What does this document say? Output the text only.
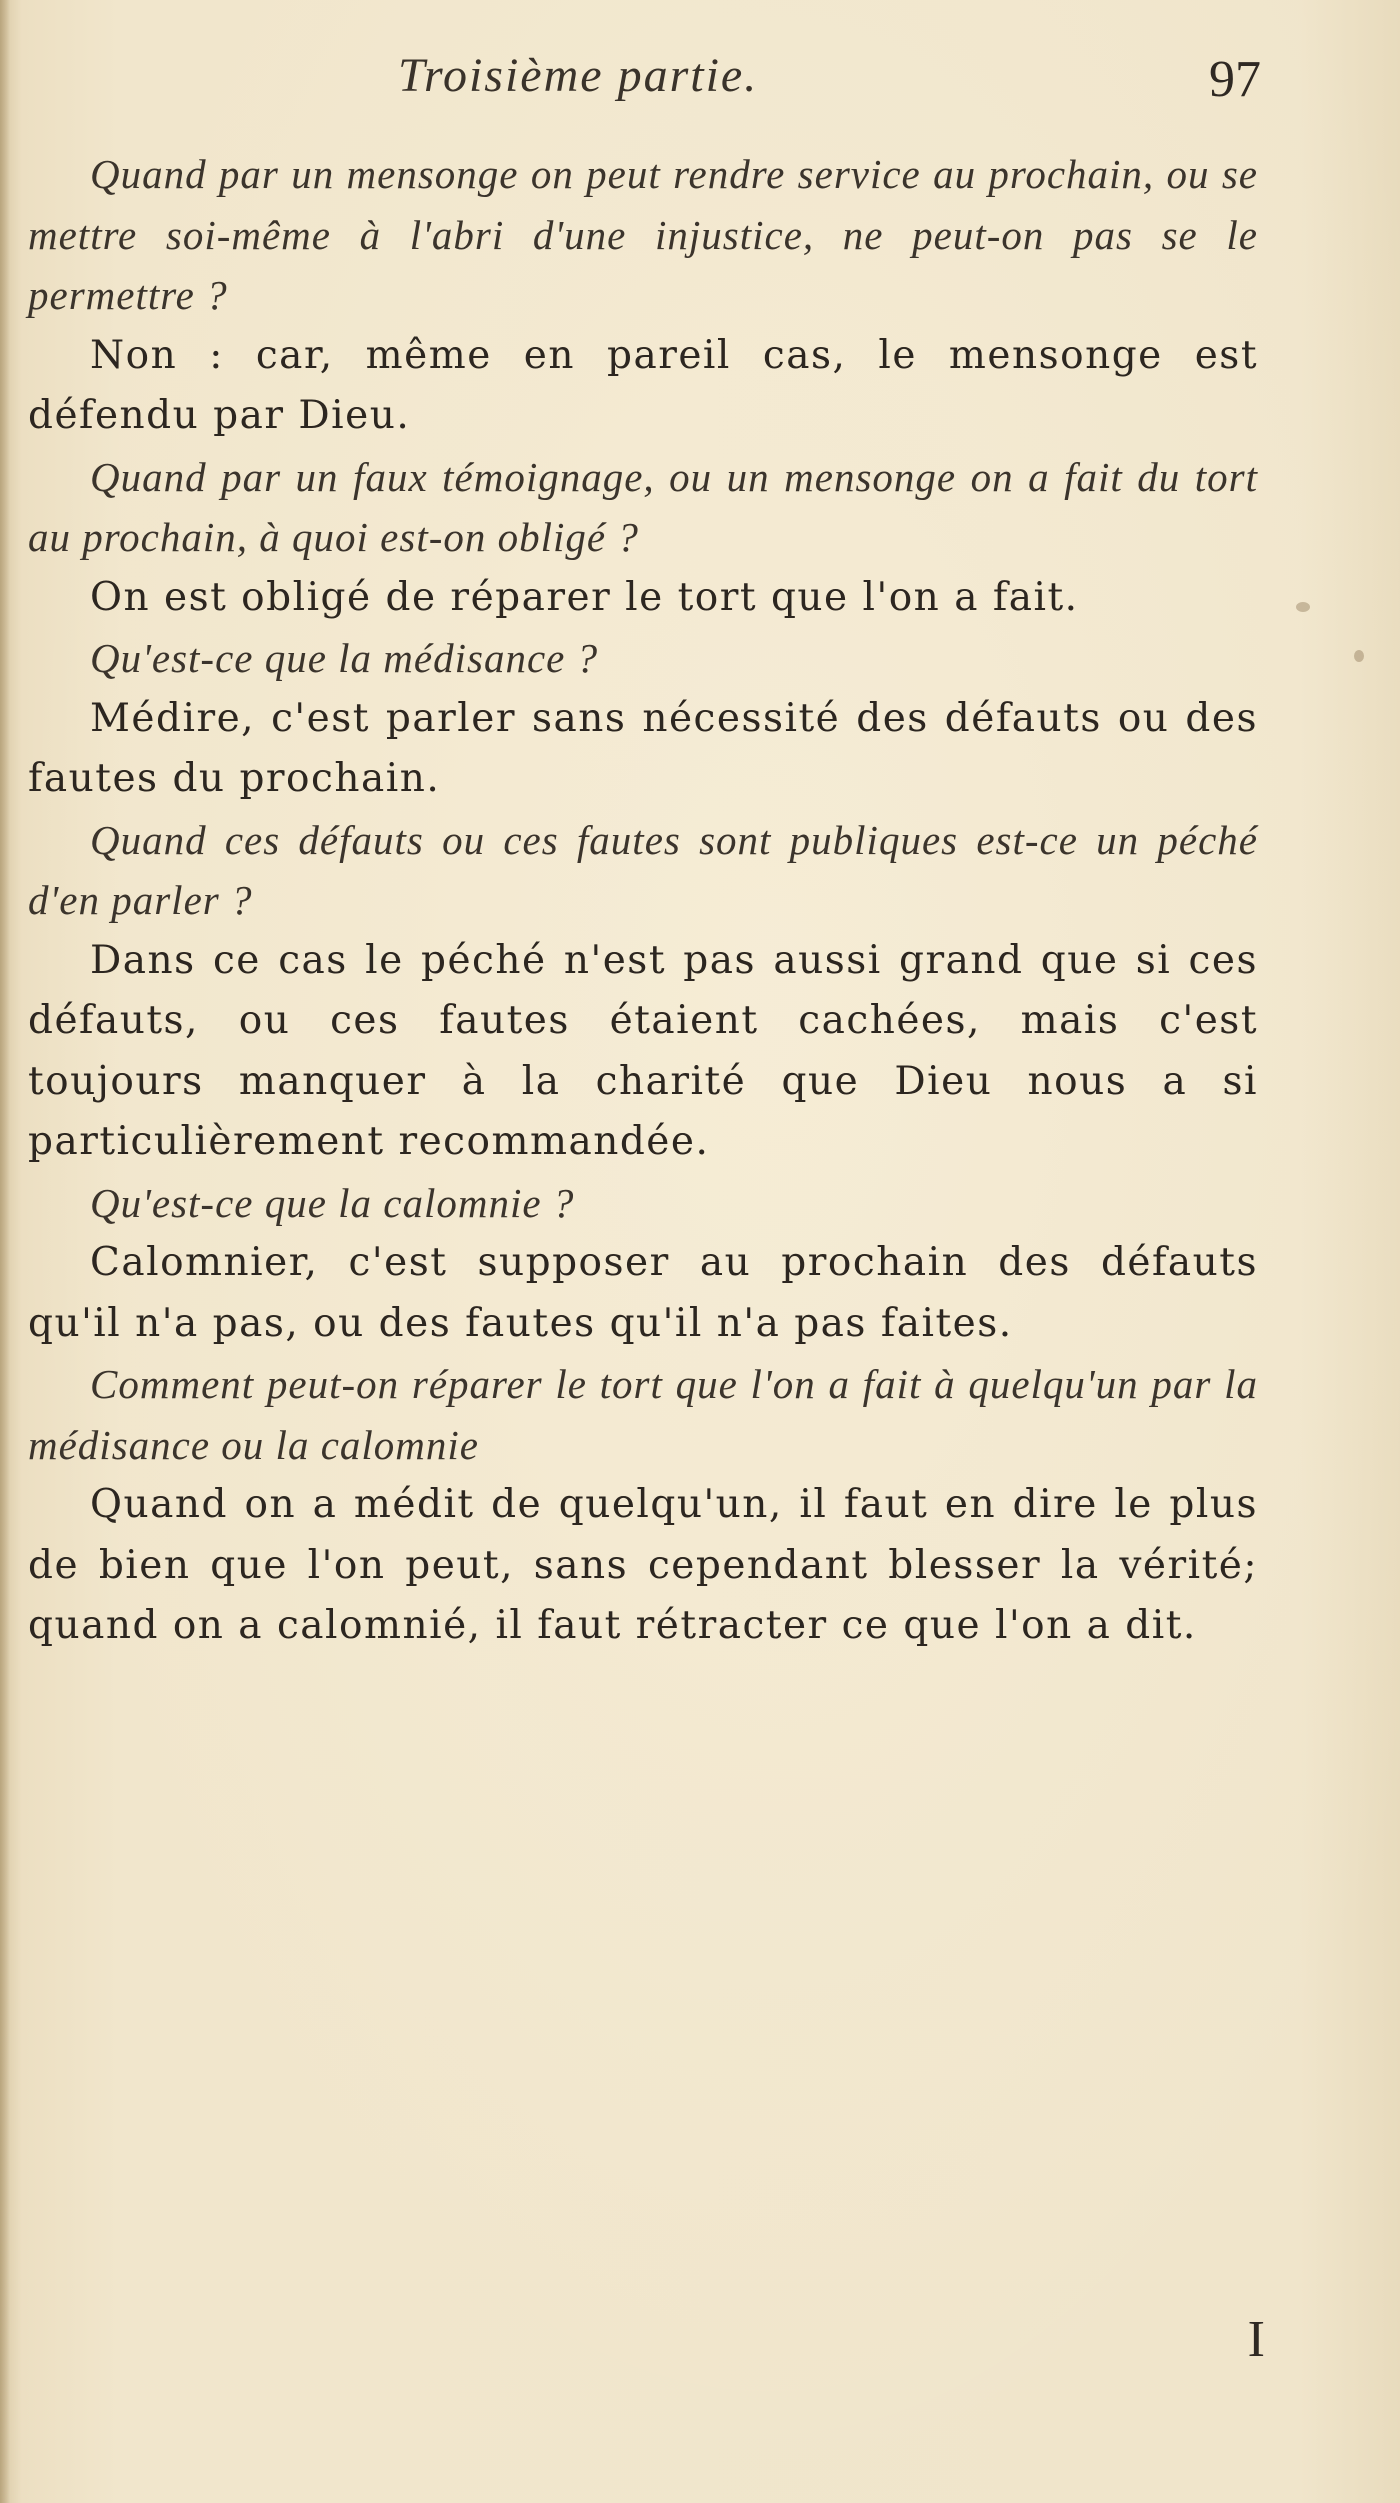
Troisième partie.	97

Quand par un mensonge on peut rendre service au prochain, ou se mettre soi-même à l'abri d'une injustice, ne peut-on pas se le permettre ?

Non : car, même en pareil cas, le mensonge est défendu par Dieu.

Quand par un faux témoignage, ou un mensonge on a fait du tort au prochain, à quoi est-on obligé ?

On est obligé de réparer le tort que l'on a fait.

Qu'est-ce que la médisance ?

Médire, c'est parler sans nécessité des défauts ou des fautes du prochain.

Quand ces défauts ou ces fautes sont publiques est-ce un péché d'en parler ?

Dans ce cas le péché n'est pas aussi grand que si ces défauts, ou ces fautes étaient cachées, mais c'est toujours manquer à la charité que Dieu nous a si particulièrement recommandée.

Qu'est-ce que la calomnie ?

Calomnier, c'est supposer au prochain des défauts qu'il n'a pas, ou des fautes qu'il n'a pas faites.

Comment peut-on réparer le tort que l'on a fait à quelqu'un par la médisance ou la calomnie

Quand on a médit de quelqu'un, il faut en dire le plus de bien que l'on peut, sans cependant blesser la vérité; quand on a calomnié, il faut rétracter ce que l'on a dit.

I
